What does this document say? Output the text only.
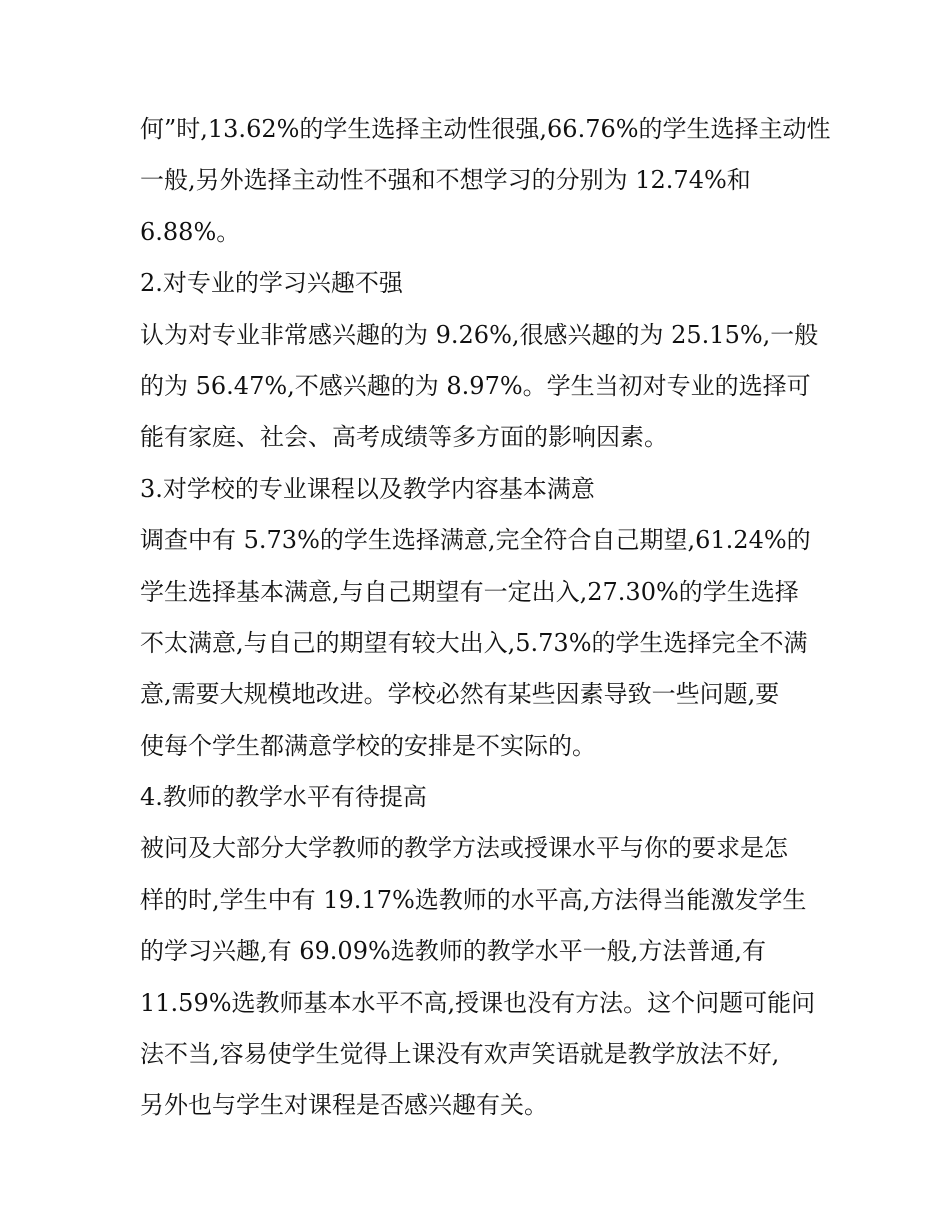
何”时,13.62%的学生选择主动性很强,66.76%的学生选择主动性
一般,另外选择主动性不强和不想学习的分别为 12.74%和
6.88%。
2.对专业的学习兴趣不强
认为对专业非常感兴趣的为 9.26%,很感兴趣的为 25.15%,一般
的为 56.47%,不感兴趣的为 8.97%。学生当初对专业的选择可
能有家庭、社会、高考成绩等多方面的影响因素。
3.对学校的专业课程以及教学内容基本满意
调查中有 5.73%的学生选择满意,完全符合自己期望,61.24%的
学生选择基本满意,与自己期望有一定出入,27.30%的学生选择
不太满意,与自己的期望有较大出入,5.73%的学生选择完全不满
意,需要大规模地改进。学校必然有某些因素导致一些问题,要
使每个学生都满意学校的安排是不实际的。
4.教师的教学水平有待提高
被问及大部分大学教师的教学方法或授课水平与你的要求是怎
样的时,学生中有 19.17%选教师的水平高,方法得当能激发学生
的学习兴趣,有 69.09%选教师的教学水平一般,方法普通,有
11.59%选教师基本水平不高,授课也没有方法。这个问题可能问
法不当,容易使学生觉得上课没有欢声笑语就是教学放法不好,
另外也与学生对课程是否感兴趣有关。
